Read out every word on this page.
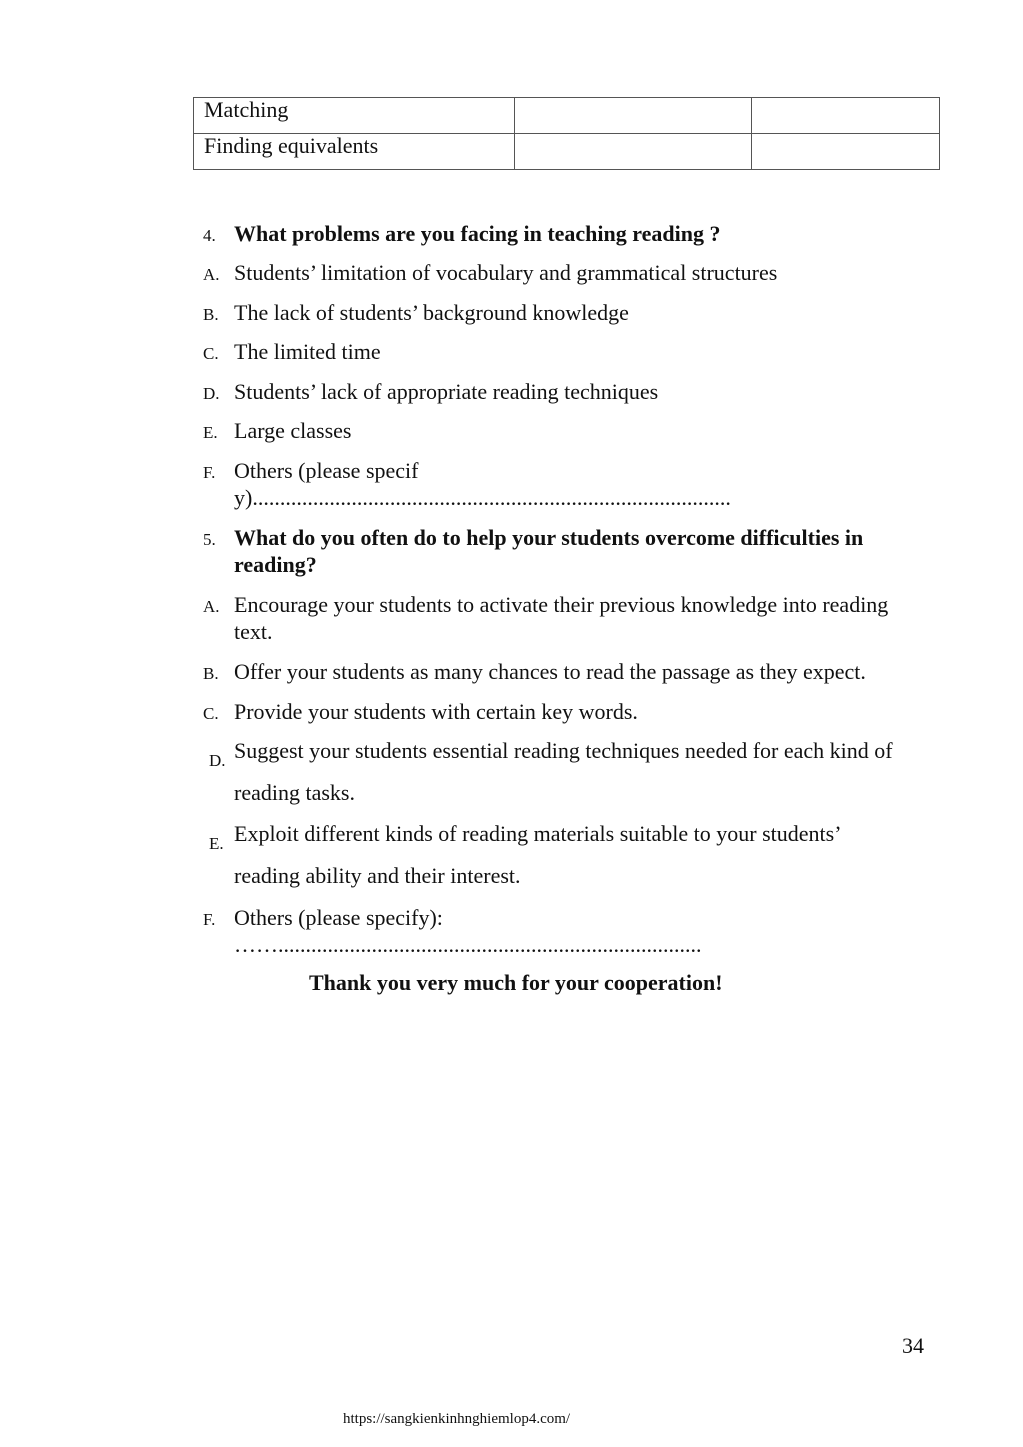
Matching		
Finding equivalents		
4. What problems are you facing in teaching reading ?
A. Students’ limitation of vocabulary and grammatical structures
B. The lack of students’ background knowledge
C. The limited time
D. Students’ lack of appropriate reading techniques
E. Large classes
F. Others (please specify).......................................................................................
5. What do you often do to help your students overcome difficulties in reading?
A. Encourage your students to activate their previous knowledge into reading text.
B. Offer your students as many chances to read the passage as they expect.
C. Provide your students with certain key words.
D. Suggest your students essential reading techniques needed for each kind of reading tasks.
E. Exploit different kinds of reading materials suitable to your students’ reading ability and their interest.
F. Others (please specify): …….............................................................................
Thank you very much for your cooperation!
34
https://sangkienkinhnghiemlop4.com/
